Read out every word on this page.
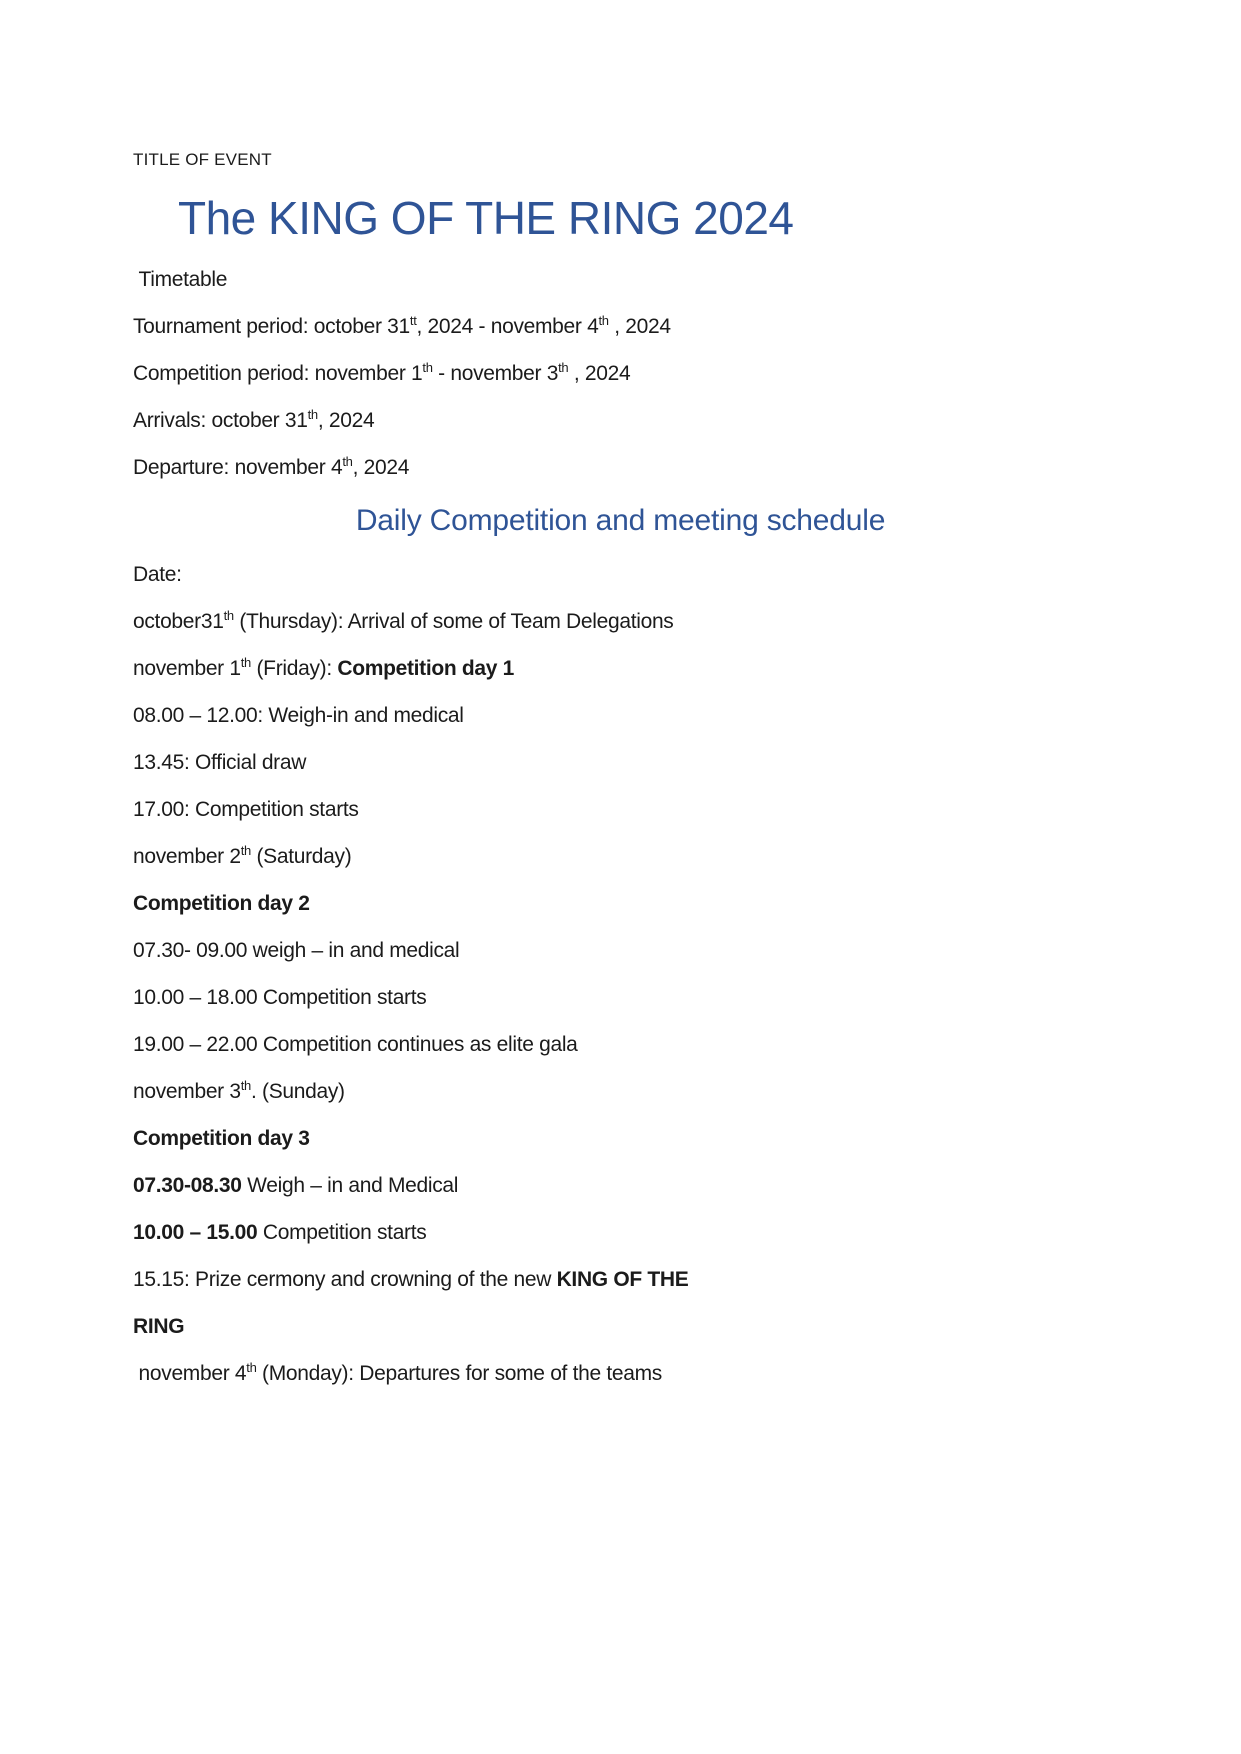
TITLE OF EVENT

The KING OF THE RING 2024

Timetable

Tournament period: october $31^{tt}$, 2024 - november 4th , 2024

Competition period: november 1th - november 3th , 2024

Arrivals: october 31th, 2024

Departure: november 4th, 2024

Daily Competition and meeting schedule

Date:

october31th (Thursday): Arrival of some of Team Delegations

november 1th (Friday): Competition day 1

08.00 – 12.00: Weigh-in and medical

13.45: Official draw

17.00: Competition starts

november 2th (Saturday)

Competition day 2

07.30- 09.00 weigh – in and medical

10.00 – 18.00 Competition starts

19.00 – 22.00 Competition continues as elite gala

november 3th. (Sunday)

Competition day 3

07.30-08.30 Weigh – in and Medical

10.00 – 15.00 Competition starts

15.15: Prize cermony and crowning of the new KING OF THE

RING

november 4th (Monday): Departures for some of the teams
